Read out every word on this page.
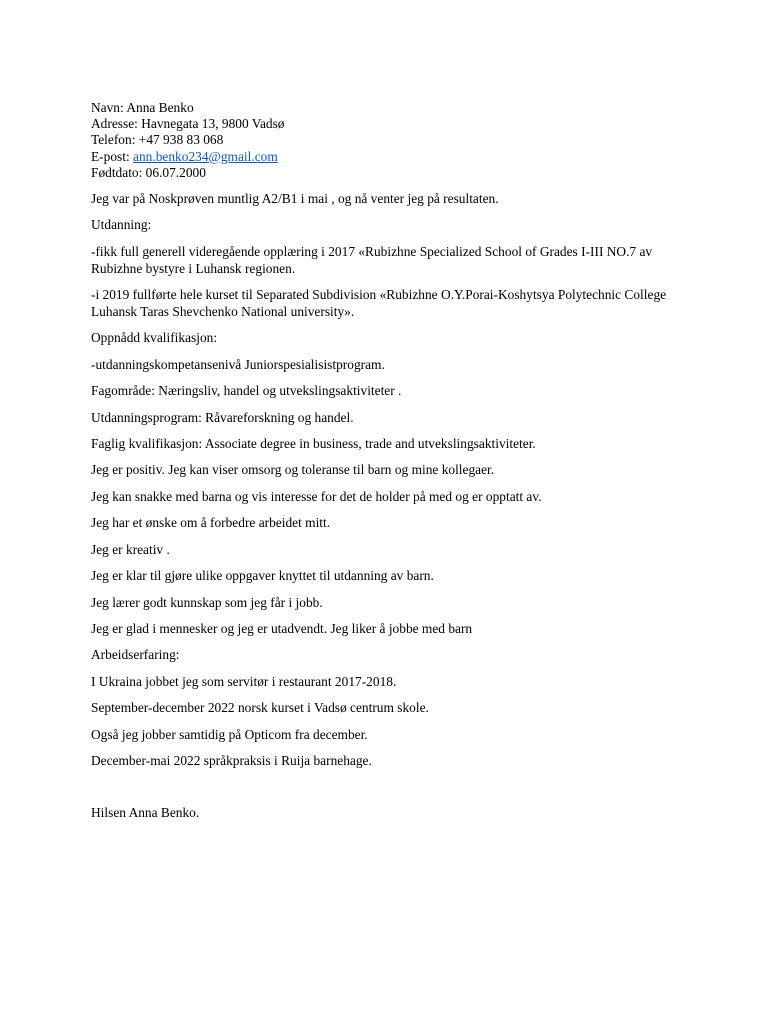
Navn: Anna Benko
Adresse: Havnegata 13, 9800 Vadsø
Telefon: +47 938 83 068
E-post: ann.benko234@gmail.com
Fødtdato: 06.07.2000
Jeg var på Noskprøven muntlig A2/B1 i mai , og nå venter jeg på resultaten.
Utdanning:
-fikk full generell videregående opplæring i 2017 «Rubizhne Specialized School of Grades I-III NO.7 av Rubizhne bystyre i Luhansk regionen.
-i 2019 fullførte hele kurset til Separated Subdivision «Rubizhne O.Y.Porai-Koshytsya Polytechnic College Luhansk Taras Shevchenko National university».
Oppnådd kvalifikasjon:
-utdanningskompetansenivå Juniorspesialisistprogram.
Fagområde: Næringsliv, handel og utvekslingsaktiviteter .
Utdanningsprogram: Råvareforskning og handel.
Faglig kvalifikasjon: Associate degree in business, trade and utvekslingsaktiviteter.
Jeg er positiv. Jeg kan viser omsorg og toleranse til barn og mine kollegaer.
Jeg kan snakke med barna og vis interesse for det de holder på med og er opptatt av.
Jeg har et ønske om å forbedre arbeidet mitt.
Jeg er kreativ .
Jeg er klar til gjøre ulike oppgaver knyttet til utdanning av barn.
Jeg lærer godt kunnskap som jeg får i jobb.
Jeg er glad i mennesker og jeg er utadvendt. Jeg liker å jobbe med barn
Arbeidserfaring:
I Ukraina jobbet jeg som servitør i restaurant 2017-2018.
September-december 2022 norsk kurset i Vadsø centrum skole.
Også jeg jobber samtidig på Opticom fra december.
December-mai 2022 språkpraksis i Ruija barnehage.
Hilsen Anna Benko.
